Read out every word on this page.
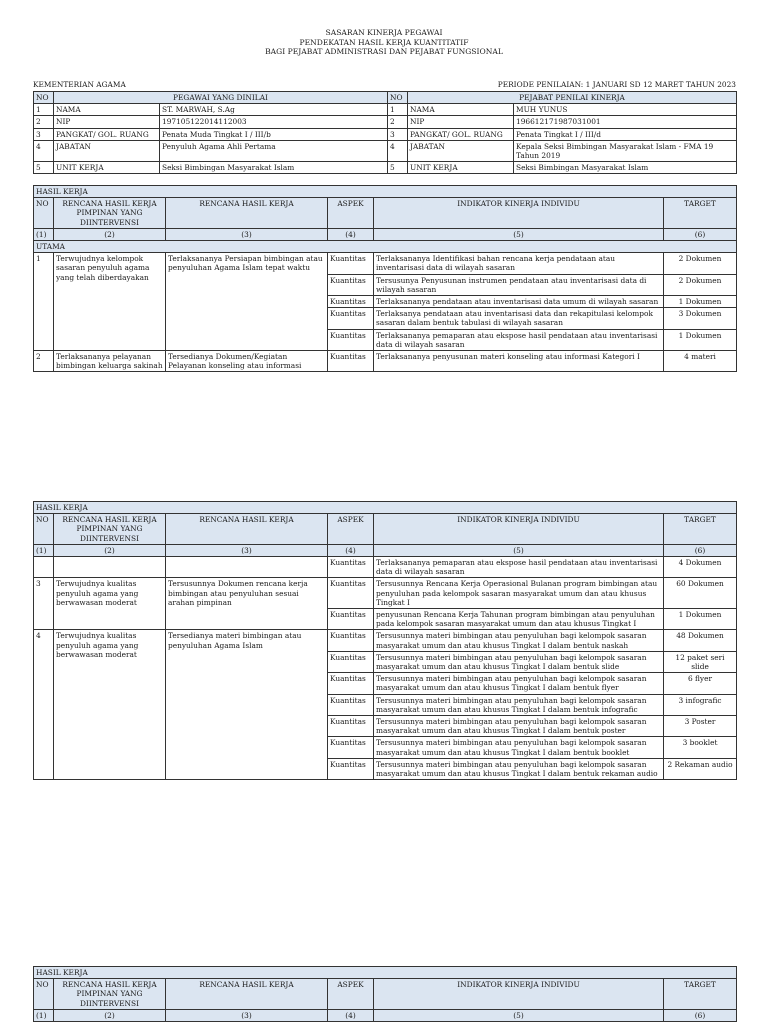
SASARAN KINERJA PEGAWAI
PENDEKATAN HASIL KERJA KUANTITATIF
BAGI PEJABAT ADMINISTRASI DAN PEJABAT FUNGSIONAL
KEMENTERIAN AGAMA	PERIODE PENILAIAN: 1 JANUARI SD 12 MARET TAHUN 2023
NO	PEGAWAI YANG DINILAI		NO	PEJABAT PENILAI KINERJA	
1	NAMA	ST. MARWAH, S.Ag	1	NAMA	MUH YUNUS
2	NIP	197105122014112003	2	NIP	196612171987031001
3	PANGKAT/ GOL. RUANG	Penata Muda Tingkat I / III/b	3	PANGKAT/ GOL. RUANG	Penata Tingkat I / III/d
4	JABATAN	Penyuluh Agama Ahli Pertama	4	JABATAN	Kepala Seksi Bimbingan Masyarakat Islam - FMA 19 Tahun 2019
5	UNIT KERJA	Seksi Bimbingan Masyarakat Islam	5	UNIT KERJA	Seksi Bimbingan Masyarakat Islam
HASIL KERJA					
NO	RENCANA HASIL KERJA PIMPINAN YANG DIINTERVENSI	RENCANA HASIL KERJA	ASPEK	INDIKATOR KINERJA INDIVIDU	TARGET
(1)	(2)	(3)	(4)	(5)	(6)
UTAMA					
1	Terwujudnya kelompok sasaran penyuluh agama yang telah diberdayakan	Terlaksananya Persiapan bimbingan atau penyuluhan Agama Islam tepat waktu	Kuantitas	Terlaksananya Identifikasi bahan rencana kerja pendataan atau inventarisasi data di wilayah sasaran	2 Dokumen
			Kuantitas	Tersusunya Penyusunan instrumen pendataan atau inventarisasi data di wilayah sasaran	2 Dokumen
			Kuantitas	Terlaksananya pendataan atau inventarisasi data umum di wilayah sasaran	1 Dokumen
			Kuantitas	Terlaksanya pendataan atau inventarisasi data dan rekapitulasi kelompok sasaran dalam bentuk tabulasi di wilayah sasaran	3 Dokumen
			Kuantitas	Terlaksananya pemaparan atau ekspose hasil pendataan atau inventarisasi data di wilayah sasaran	1 Dokumen
2	Terlaksananya pelayanan bimbingan keluarga sakinah	Tersedianya Dokumen/Kegiatan Pelayanan konseling atau informasi	Kuantitas	Terlaksananya penyusunan materi konseling atau informasi Kategori I	4 materi
HASIL KERJA					
NO	RENCANA HASIL KERJA PIMPINAN YANG DIINTERVENSI	RENCANA HASIL KERJA	ASPEK	INDIKATOR KINERJA INDIVIDU	TARGET
(1)	(2)	(3)	(4)	(5)	(6)
			Kuantitas	Terlaksananya pemaparan atau ekspose hasil pendataan atau inventarisasi data di wilayah sasaran	4 Dokumen
3	Terwujudnya kualitas penyuluh agama yang berwawasan moderat	Tersusunnya Dokumen rencana kerja bimbingan atau penyuluhan sesuai arahan pimpinan	Kuantitas	Tersusunnya Rencana Kerja Operasional Bulanan program bimbingan atau penyuluhan pada kelompok sasaran masyarakat umum dan atau khusus Tingkat I	60 Dokumen
			Kuantitas	penyusunan Rencana Kerja Tahunan program bimbingan atau penyuluhan pada kelompok sasaran masyarakat umum dan atau khusus Tingkat I	1 Dokumen
4	Terwujudnya kualitas penyuluh agama yang berwawasan moderat	Tersedianya materi bimbingan atau penyuluhan Agama Islam	Kuantitas	Tersusunnya materi bimbingan atau penyuluhan bagi kelompok sasaran masyarakat umum dan atau khusus Tingkat I dalam bentuk naskah	48 Dokumen
			Kuantitas	Tersusunnya materi bimbingan atau penyuluhan bagi kelompok sasaran masyarakat umum dan atau khusus Tingkat I dalam bentuk slide	12 paket seri slide
			Kuantitas	Tersusunnya materi bimbingan atau penyuluhan bagi kelompok sasaran masyarakat umum dan atau khusus Tingkat I dalam bentuk flyer	6 flyer
			Kuantitas	Tersusunnya materi bimbingan atau penyuluhan bagi kelompok sasaran masyarakat umum dan atau khusus Tingkat I dalam bentuk infografic	3 infografic
			Kuantitas	Tersusunnya materi bimbingan atau penyuluhan bagi kelompok sasaran masyarakat umum dan atau khusus Tingkat I dalam bentuk poster	3 Poster
			Kuantitas	Tersusunnya materi bimbingan atau penyuluhan bagi kelompok sasaran masyarakat umum dan atau khusus Tingkat I dalam bentuk booklet	3 booklet
			Kuantitas	Tersusunnya materi bimbingan atau penyuluhan bagi kelompok sasaran masyarakat umum dan atau khusus Tingkat I dalam bentuk rekaman audio	2 Rekaman audio
HASIL KERJA					
NO	RENCANA HASIL KERJA PIMPINAN YANG DIINTERVENSI	RENCANA HASIL KERJA	ASPEK	INDIKATOR KINERJA INDIVIDU	TARGET
(1)	(2)	(3)	(4)	(5)	(6)
